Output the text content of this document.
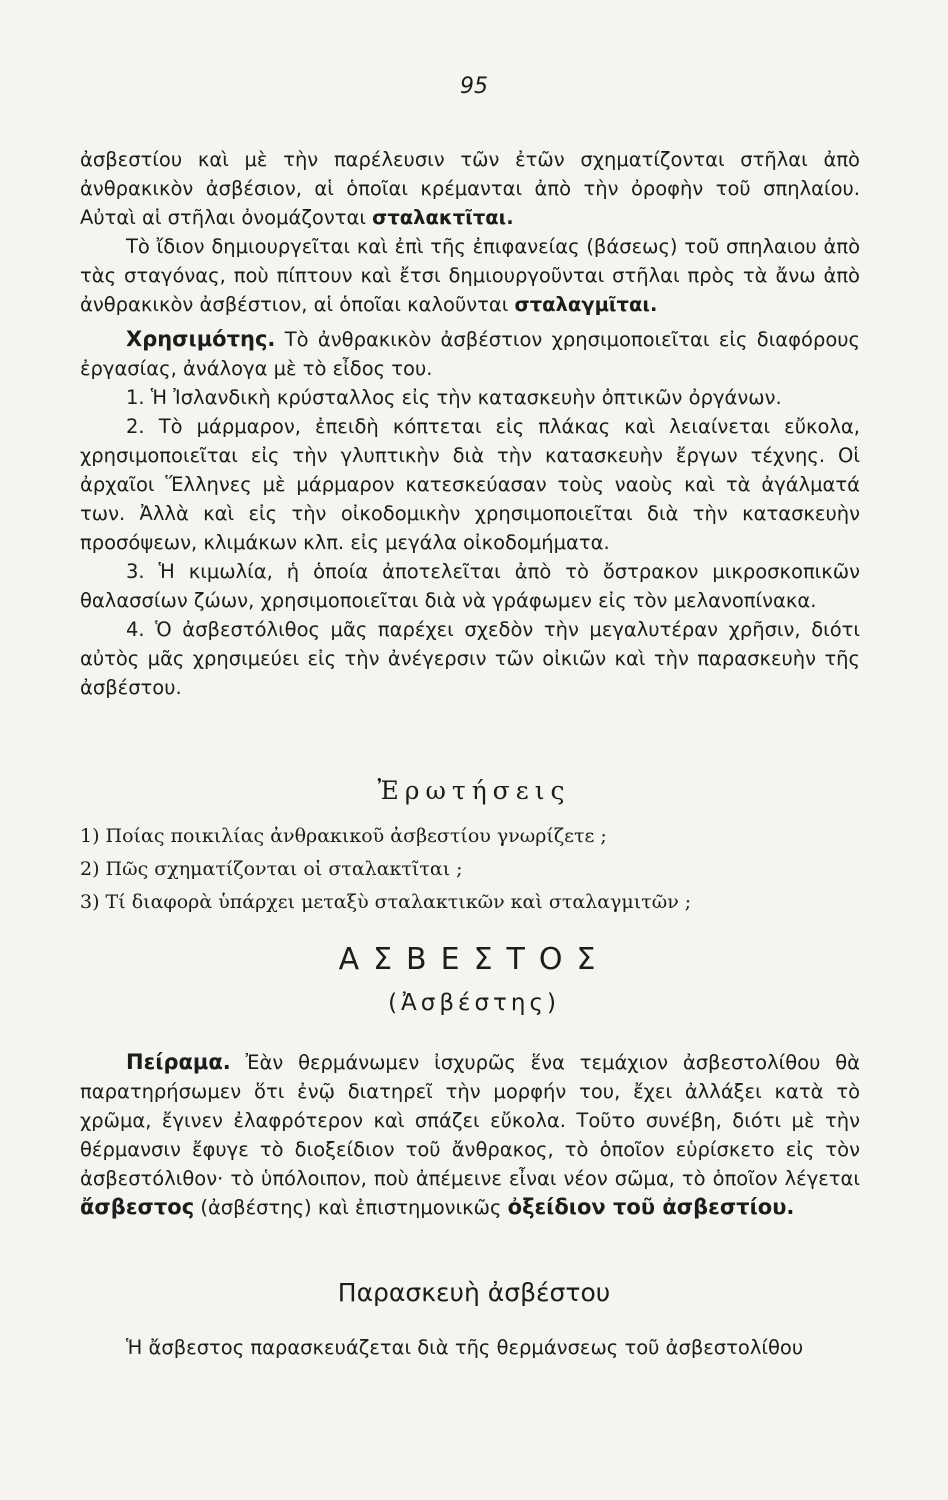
95

ἀσβεστίου καὶ μὲ τὴν παρέλευσιν τῶν ἐτῶν σχηματίζονται στῆλαι ἀπὸ ἀνθρακικὸν ἀσβέσιον, αἱ ὁποῖαι κρέμανται ἀπὸ τὴν ὀροφὴν τοῦ σπηλαίου. Αὐταὶ αἱ στῆλαι ὀνομάζονται σταλακτῖται.

Τὸ ἴδιον δημιουργεῖται καὶ ἐπὶ τῆς ἐπιφανείας (βάσεως) τοῦ σπηλαιου ἀπὸ τὰς σταγόνας, ποὺ πίπτουν καὶ ἔτσι δημιουργοῦνται στῆλαι πρὸς τὰ ἄνω ἀπὸ ἀνθρακικὸν ἀσβέστιον, αἱ ὁποῖαι καλοῦνται σταλαγμῖται.

Χρησιμότης. Τὸ ἀνθρακικὸν ἀσβέστιον χρησιμοποιεῖται εἰς διαφόρους ἐργασίας, ἀνάλογα μὲ τὸ εἶδος του.

1. Ἡ Ἰσλανδικὴ κρύσταλλος εἰς τὴν κατασκευὴν ὀπτικῶν ὀργάνων.

2. Τὸ μάρμαρον, ἐπειδὴ κόπτεται εἰς πλάκας καὶ λειαίνεται εὔκολα, χρησιμοποιεῖται εἰς τὴν γλυπτικὴν διὰ τὴν κατασκευὴν ἔργων τέχνης. Οἱ ἀρχαῖοι Ἕλληνες μὲ μάρμαρον κατεσκεύασαν τοὺς ναοὺς καὶ τὰ ἀγάλματά των. Ἀλλὰ καὶ εἰς τὴν οἰκοδομικὴν χρησιμοποιεῖται διὰ τὴν κατασκευὴν προσόψεων, κλιμάκων κλπ. εἰς μεγάλα οἰκοδομήματα.

3. Ἡ κιμωλία, ἡ ὁποία ἀποτελεῖται ἀπὸ τὸ ὄστρακον μικροσκοπικῶν θαλασσίων ζώων, χρησιμοποιεῖται διὰ νὰ γράφωμεν εἰς τὸν μελανοπίνακα.

4. Ὁ ἀσβεστόλιθος μᾶς παρέχει σχεδὸν τὴν μεγαλυτέραν χρῆσιν, διότι αὐτὸς μᾶς χρησιμεύει εἰς τὴν ἀνέγερσιν τῶν οἰκιῶν καὶ τὴν παρασκευὴν τῆς ἀσβέστου.

Ἐρωτήσεις

1) Ποίας ποικιλίας ἀνθρακικοῦ ἀσβεστίου γνωρίζετε ;

2) Πῶς σχηματίζονται οἱ σταλακτῖται ;

3) Τί διαφορὰ ὑπάρχει μεταξὺ σταλακτικῶν καὶ σταλαγμιτῶν ;

ΑΣΒΕΣΤΟΣ
(Ἀσβέστης)

Πείραμα. Ἐὰν θερμάνωμεν ἰσχυρῶς ἕνα τεμάχιον ἀσβεστολίθου θὰ παρατηρήσωμεν ὅτι ἐνῷ διατηρεῖ τὴν μορφήν του, ἔχει ἀλλάξει κατὰ τὸ χρῶμα, ἔγινεν ἐλαφρότερον καὶ σπάζει εὔκολα. Τοῦτο συνέβη, διότι μὲ τὴν θέρμανσιν ἔφυγε τὸ διοξείδιον τοῦ ἄνθρακος, τὸ ὁποῖον εὑρίσκετο εἰς τὸν ἀσβεστόλιθον· τὸ ὑπόλοιπον, ποὺ ἀπέμεινε εἶναι νέον σῶμα, τὸ ὁποῖον λέγεται ἄσβεστος (ἀσβέστης) καὶ ἐπιστημονικῶς ὀξείδιον τοῦ ἀσβεστίου.

Παρασκευὴ ἀσβέστου

Ἡ ἄσβεστος παρασκευάζεται διὰ τῆς θερμάνσεως τοῦ ἀσβεστολίθου
